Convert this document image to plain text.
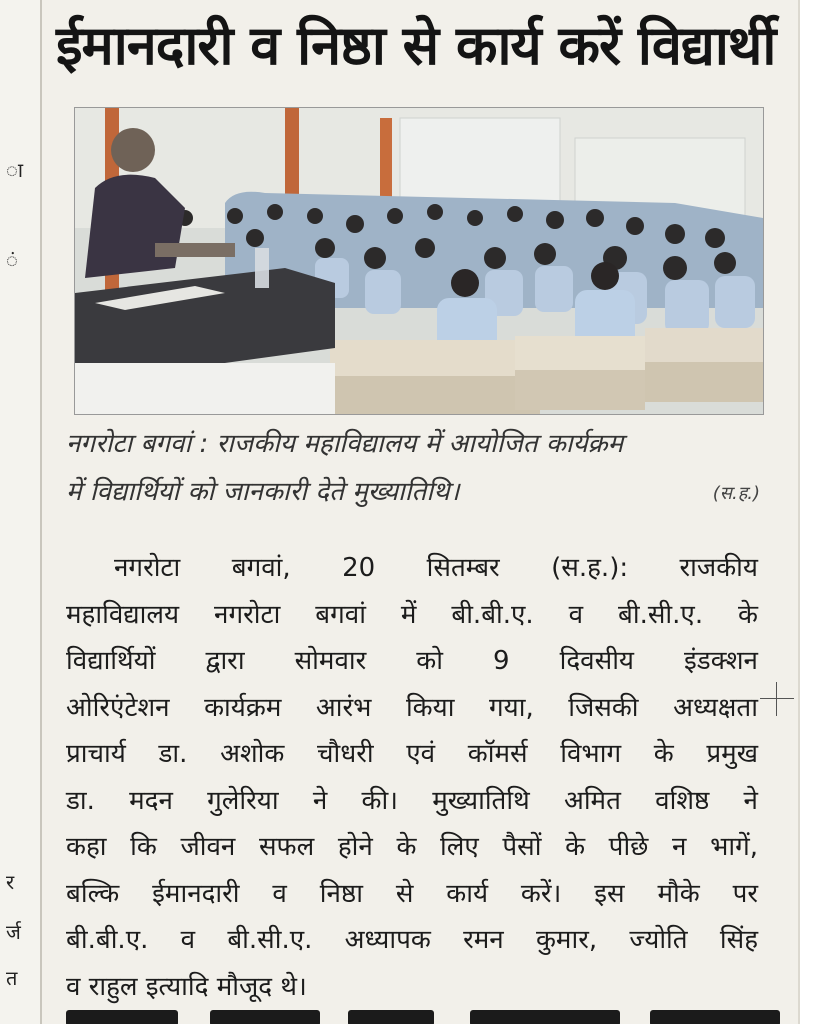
ा
ं
र
र्ज
त
ईमानदारी व निष्ठा से कार्य करें विद्यार्थी
नगरोटा बगवां : राजकीय महाविद्यालय में आयोजित कार्यक्रम
में विद्यार्थियों को जानकारी देते मुख्यातिथि।	(स.ह.)
नगरोटा बगवां, 20 सितम्बर (स.ह.): राजकीय
महाविद्यालय नगरोटा बगवां में बी.बी.ए. व बी.सी.ए. के
विद्यार्थियों द्वारा सोमवार को 9 दिवसीय इंडक्शन
ओरिएंटेशन कार्यक्रम आरंभ किया गया, जिसकी अध्यक्षता
प्राचार्य डा. अशोक चौधरी एवं कॉमर्स विभाग के प्रमुख
डा. मदन गुलेरिया ने की। मुख्यातिथि अमित वशिष्ठ ने
कहा कि जीवन सफल होने के लिए पैसों के पीछे न भागें,
बल्कि ईमानदारी व निष्ठा से कार्य करें। इस मौके पर
बी.बी.ए. व बी.सी.ए. अध्यापक रमन कुमार, ज्योति सिंह
व राहुल इत्यादि मौजूद थे।
